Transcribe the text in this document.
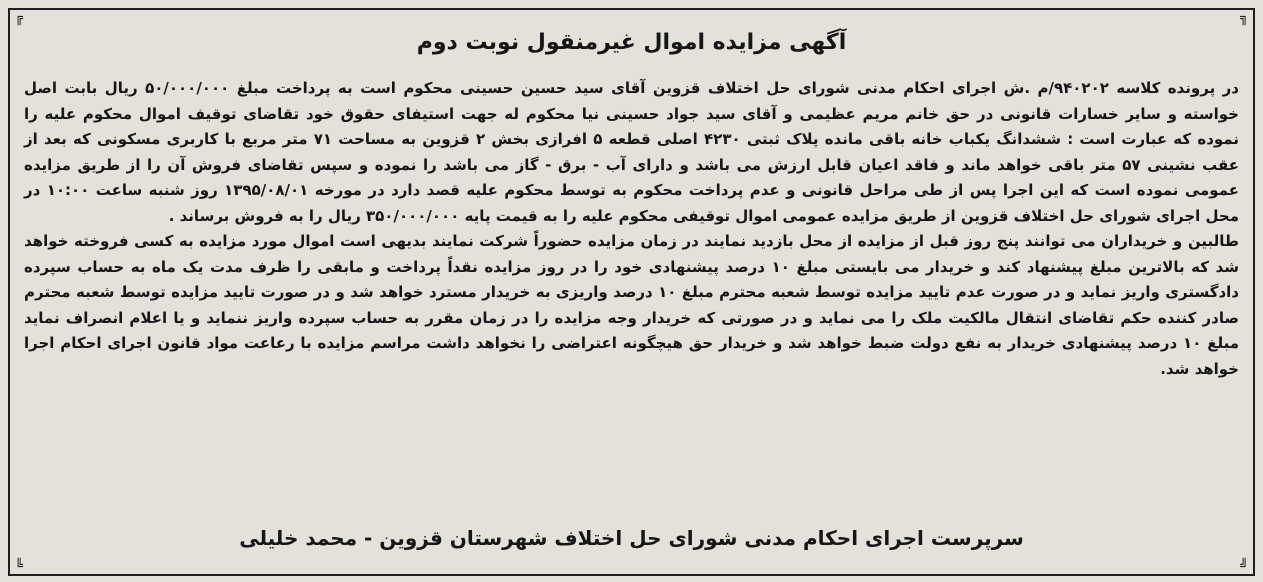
╔	╗
╚	╝
آگهی مزایده اموال غیرمنقول نوبت دوم

در پرونده کلاسه ۹۴۰۲۰۲/م .ش اجرای احکام مدنی شورای حل اختلاف قزوین آقای سید حسین حسینی محکوم است به پرداخت مبلغ ۵۰/۰۰۰/۰۰۰ ریال بابت اصل خواسته و سایر خسارات قانونی در حق خانم مریم عظیمی و آقای سید جواد حسینی نیا محکوم له جهت استیفای حقوق خود تقاضای توقیف اموال محکوم علیه را نموده که عبارت است : ششدانگ یکباب خانه باقی مانده پلاک ثبتی ۴۲۳۰ اصلی قطعه ۵ افرازی بخش ۲ قزوین به مساحت ۷۱ متر مربع با کاربری مسکونی که بعد از عقب نشینی ۵۷ متر باقی خواهد ماند و فاقد اعیان قابل ارزش می باشد و دارای آب - برق - گاز می باشد را نموده و سپس تقاضای فروش آن را از طریق مزایده عمومی نموده است که این اجرا پس از طی مراحل قانونی و عدم پرداخت محکوم به توسط محکوم علیه قصد دارد در مورخه ۱۳۹۵/۰۸/۰۱ روز شنبه ساعت ۱۰:۰۰ در محل اجرای شورای حل اختلاف قزوین از طریق مزایده عمومی اموال توقیفی محکوم علیه را به قیمت پایه ۳۵۰/۰۰۰/۰۰۰ ریال را به فروش برساند .

طالبین و خریداران می توانند پنج روز قبل از مزایده از محل بازدید نمایند در زمان مزایده حضوراً شرکت نمایند بدیهی است اموال مورد مزایده به کسی فروخته خواهد شد که بالاترین مبلغ پیشنهاد کند و خریدار می بایستی مبلغ ۱۰ درصد پیشنهادی خود را در روز مزایده نقداً پرداخت و مابقی را ظرف مدت یک ماه به حساب سپرده دادگستری واریز نماید و در صورت عدم تایید مزایده توسط شعبه محترم مبلغ ۱۰ درصد واریزی به خریدار مسترد خواهد شد و در صورت تایید مزایده توسط شعبه محترم صادر کننده حکم تقاضای انتقال مالکیت ملک را می نماید و در صورتی که خریدار وجه مزایده را در زمان مقرر به حساب سپرده واریز ننماید و یا اعلام انصراف نماید مبلغ ۱۰ درصد پیشنهادی خریدار به نفع دولت ضبط خواهد شد و خریدار حق هیچگونه اعتراضی را نخواهد داشت مراسم مزایده با رعاعت مواد قانون اجرای احکام اجرا خواهد شد.

سرپرست اجرای احکام مدنی شورای حل اختلاف شهرستان قزوین - محمد خلیلی
